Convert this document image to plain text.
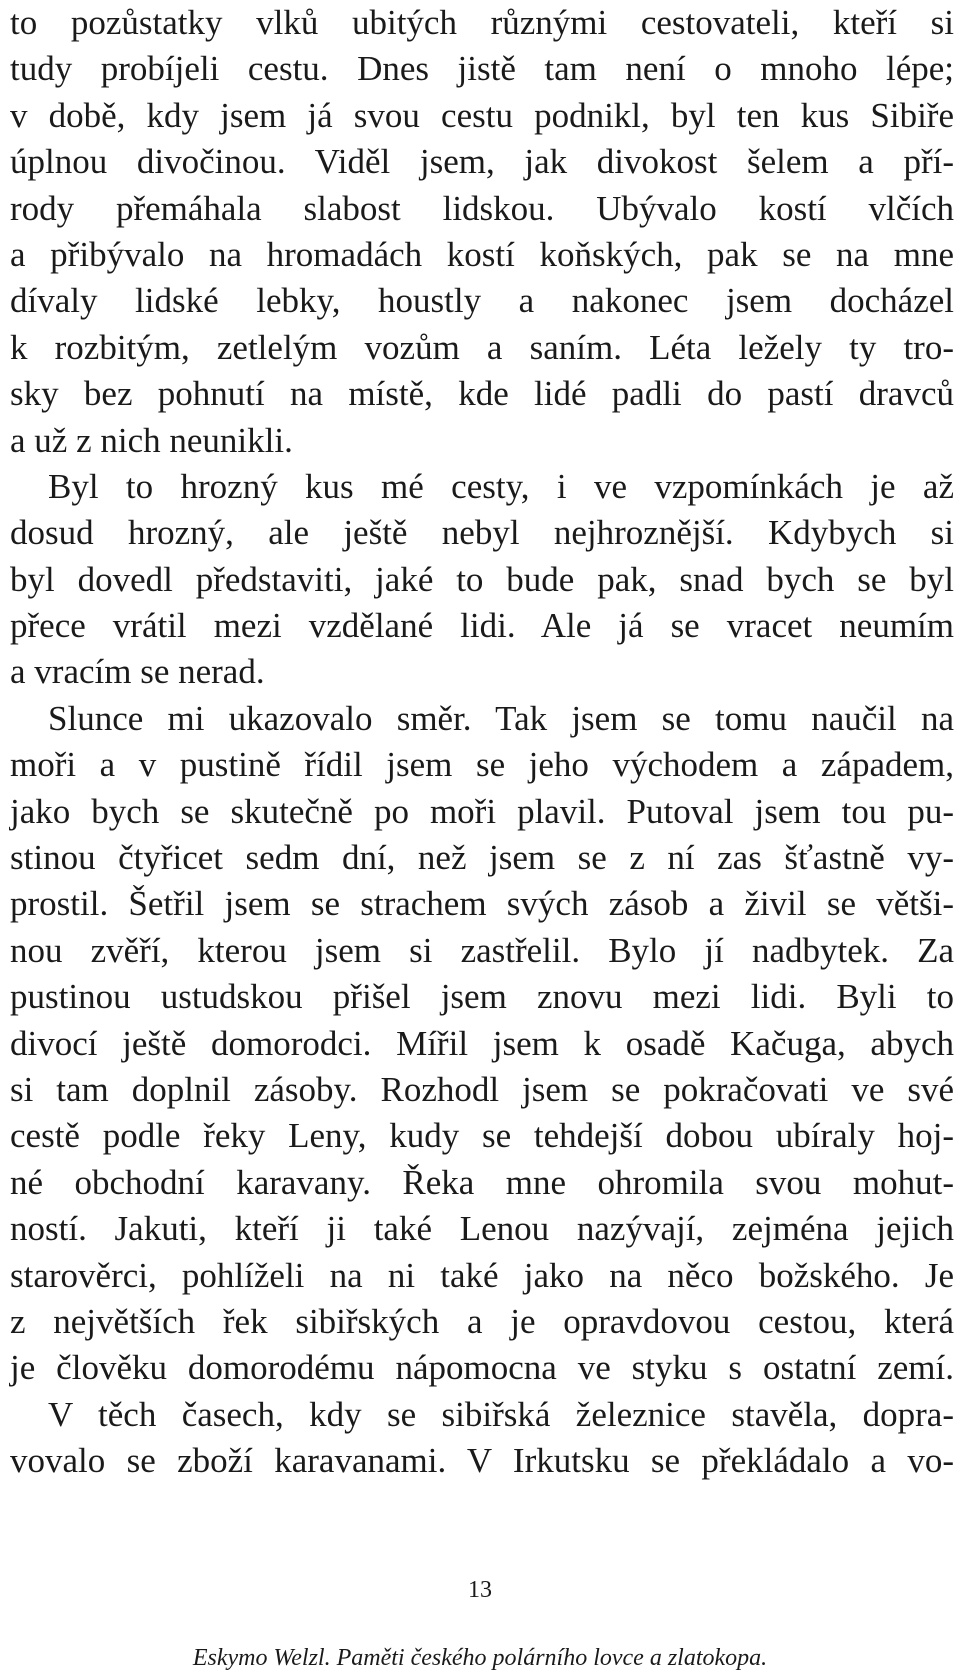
to pozůstatky vlků ubitých různými cestovateli, kteří si
tudy probíjeli cestu. Dnes jistě tam není o mnoho lépe;
v době, kdy jsem já svou cestu podnikl, byl ten kus Sibiře
úplnou divočinou. Viděl jsem, jak divokost šelem a pří-
rody přemáhala slabost lidskou. Ubývalo kostí vlčích
a přibývalo na hromadách kostí koňských, pak se na mne
dívaly lidské lebky, houstly a nakonec jsem docházel
k rozbitým, zetlelým vozům a saním. Léta ležely ty tro-
sky bez pohnutí na místě, kde lidé padli do pastí dravců
a už z nich neunikli.
Byl to hrozný kus mé cesty, i ve vzpomínkách je až
dosud hrozný, ale ještě nebyl nejhroznější. Kdybych si
byl dovedl představiti, jaké to bude pak, snad bych se byl
přece vrátil mezi vzdělané lidi. Ale já se vracet neumím
a vracím se nerad.
Slunce mi ukazovalo směr. Tak jsem se tomu naučil na
moři a v pustině řídil jsem se jeho východem a západem,
jako bych se skutečně po moři plavil. Putoval jsem tou pu-
stinou čtyřicet sedm dní, než jsem se z ní zas šťastně vy-
prostil. Šetřil jsem se strachem svých zásob a živil se větši-
nou zvěří, kterou jsem si zastřelil. Bylo jí nadbytek. Za
pustinou ustudskou přišel jsem znovu mezi lidi. Byli to
divocí ještě domorodci. Mířil jsem k osadě Kačuga, abych
si tam doplnil zásoby. Rozhodl jsem se pokračovati ve své
cestě podle řeky Leny, kudy se tehdejší dobou ubíraly hoj-
né obchodní karavany. Řeka mne ohromila svou mohut-
ností. Jakuti, kteří ji také Lenou nazývají, zejména jejich
starověrci, pohlíželi na ni také jako na něco božského. Je
z největších řek sibiřských a je opravdovou cestou, která
je člověku domorodému nápomocna ve styku s ostatní zemí.
V těch časech, kdy se sibiřská železnice stavěla, dopra-
vovalo se zboží karavanami. V Irkutsku se překládalo a vo-
13
Eskymo Welzl. Paměti českého polárního lovce a zlatokopa.
